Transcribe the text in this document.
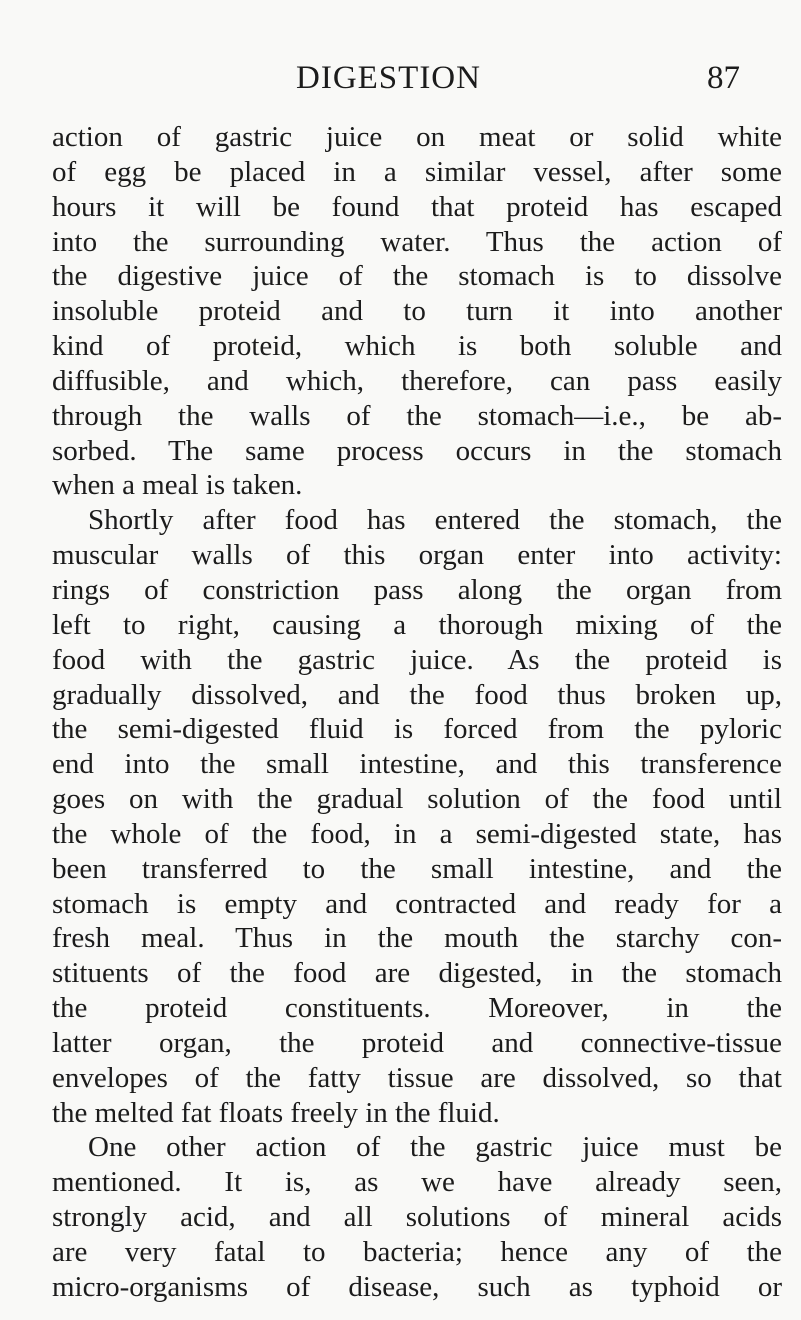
DIGESTION	87
action of gastric juice on meat or solid white
of egg be placed in a similar vessel, after some
hours it will be found that proteid has escaped
into the surrounding water. Thus the action of
the digestive juice of the stomach is to dissolve
insoluble proteid and to turn it into another
kind of proteid, which is both soluble and
diffusible, and which, therefore, can pass easily
through the walls of the stomach—i.e., be ab-
sorbed. The same process occurs in the stomach
when a meal is taken.
Shortly after food has entered the stomach, the
muscular walls of this organ enter into activity:
rings of constriction pass along the organ from
left to right, causing a thorough mixing of the
food with the gastric juice. As the proteid is
gradually dissolved, and the food thus broken up,
the semi-digested fluid is forced from the pyloric
end into the small intestine, and this transference
goes on with the gradual solution of the food until
the whole of the food, in a semi-digested state, has
been transferred to the small intestine, and the
stomach is empty and contracted and ready for a
fresh meal. Thus in the mouth the starchy con-
stituents of the food are digested, in the stomach
the proteid constituents. Moreover, in the
latter organ, the proteid and connective-tissue
envelopes of the fatty tissue are dissolved, so that
the melted fat floats freely in the fluid.
One other action of the gastric juice must be
mentioned. It is, as we have already seen,
strongly acid, and all solutions of mineral acids
are very fatal to bacteria; hence any of the
micro-organisms of disease, such as typhoid or
